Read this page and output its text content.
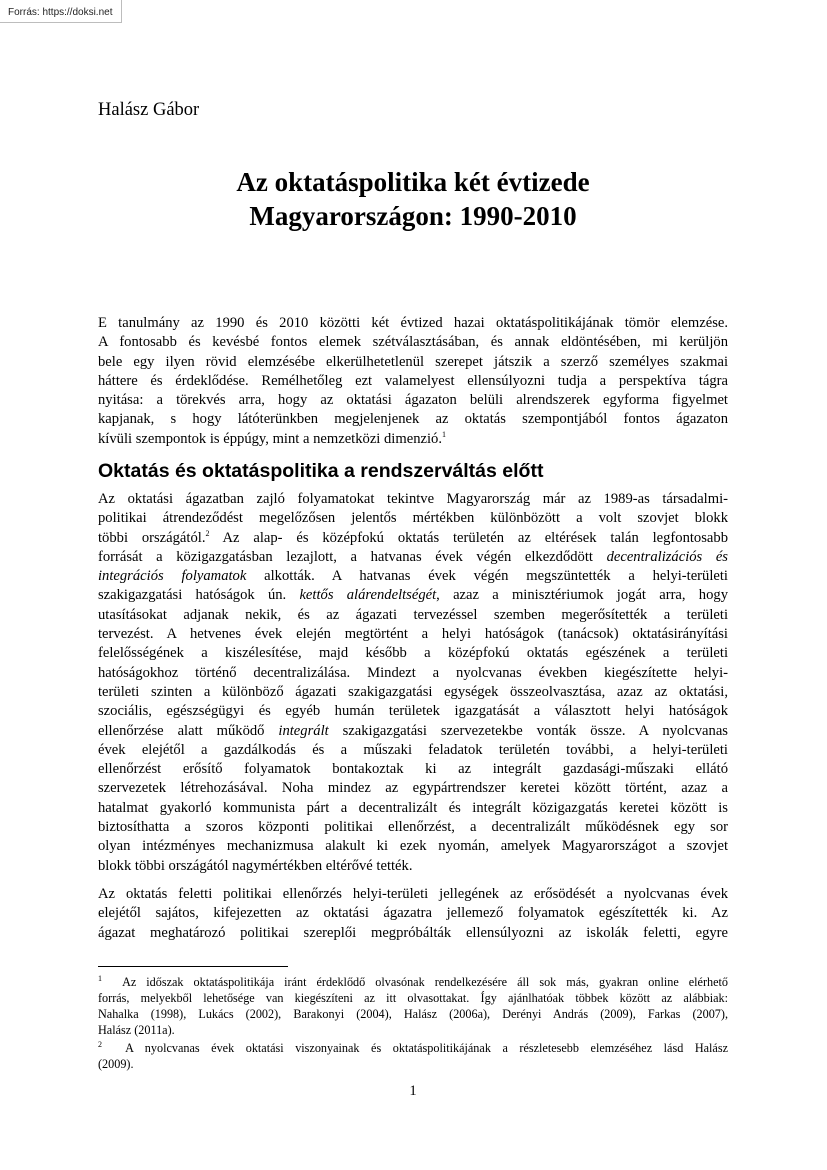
Forrás: https://doksi.net
Halász Gábor
Az oktatáspolitika két évtizede
Magyarországon: 1990-2010
E tanulmány az 1990 és 2010 közötti két évtized hazai oktatáspolitikájának tömör elemzése.
A fontosabb és kevésbé fontos elemek szétválasztásában, és annak eldöntésében, mi kerüljön
bele egy ilyen rövid elemzésébe elkerülhetetlenül szerepet játszik a szerző személyes szakmai
háttere és érdeklődése. Remélhetőleg ezt valamelyest ellensúlyozni tudja a perspektíva tágra
nyitása: a törekvés arra, hogy az oktatási ágazaton belüli alrendszerek egyforma figyelmet
kapjanak, s hogy látóterünkben megjelenjenek az oktatás szempontjából fontos ágazaton
kívüli szempontok is éppúgy, mint a nemzetközi dimenzió.$^1$
Oktatás és oktatáspolitika a rendszerváltás előtt
Az oktatási ágazatban zajló folyamatokat tekintve Magyarország már az 1989-as társadalmi-
politikai átrendeződést megelőzősen jelentős mértékben különbözött a volt szovjet blokk
többi országától.$^2$ Az alap- és középfokú oktatás területén az eltérések talán legfontosabb
forrását a közigazgatásban lezajlott, a hatvanas évek végén elkezdődött decentralizációs és
integrációs folyamatok alkották. A hatvanas évek végén megszüntették a helyi-területi
szakigazgatási hatóságok ún. kettős alárendeltségét, azaz a minisztériumok jogát arra, hogy
utasításokat adjanak nekik, és az ágazati tervezéssel szemben megerősítették a területi
tervezést. A hetvenes évek elején megtörtént a helyi hatóságok (tanácsok) oktatásirányítási
felelősségének a kiszélesítése, majd később a középfokú oktatás egészének a területi
hatóságokhoz történő decentralizálása. Mindezt a nyolcvanas években kiegészítette helyi-
területi szinten a különböző ágazati szakigazgatási egységek összeolvasztása, azaz az oktatási,
szociális, egészségügyi és egyéb humán területek igazgatását a választott helyi hatóságok
ellenőrzése alatt működő integrált szakigazgatási szervezetekbe vonták össze. A nyolcvanas
évek elejétől a gazdálkodás és a műszaki feladatok területén további, a helyi-területi
ellenőrzést erősítő folyamatok bontakoztak ki az integrált gazdasági-műszaki ellátó
szervezetek létrehozásával. Noha mindez az egypártrendszer keretei között történt, azaz a
hatalmat gyakorló kommunista párt a decentralizált és integrált közigazgatás keretei között is
biztosíthatta a szoros központi politikai ellenőrzést, a decentralizált működésnek egy sor
olyan intézményes mechanizmusa alakult ki ezek nyomán, amelyek Magyarországot a szovjet
blokk többi országától nagymértékben eltérővé tették.
Az oktatás feletti politikai ellenőrzés helyi-területi jellegének az erősödését a nyolcvanas évek
elejétől sajátos, kifejezetten az oktatási ágazatra jellemező folyamatok egészítették ki. Az
ágazat meghatározó politikai szereplői megpróbálták ellensúlyozni az iskolák feletti, egyre
$^1$ Az időszak oktatáspolitikája iránt érdeklődő olvasónak rendelkezésére áll sok más, gyakran online elérhető
forrás, melyekből lehetősége van kiegészíteni az itt olvasottakat. Így ajánlhatóak többek között az alábbiak:
Nahalka (1998), Lukács (2002), Barakonyi (2004), Halász (2006a), Derényi András (2009), Farkas (2007),
Halász (2011a).
$^2$ A nyolcvanas évek oktatási viszonyainak és oktatáspolitikájának a részletesebb elemzéséhez lásd Halász
(2009).
1
